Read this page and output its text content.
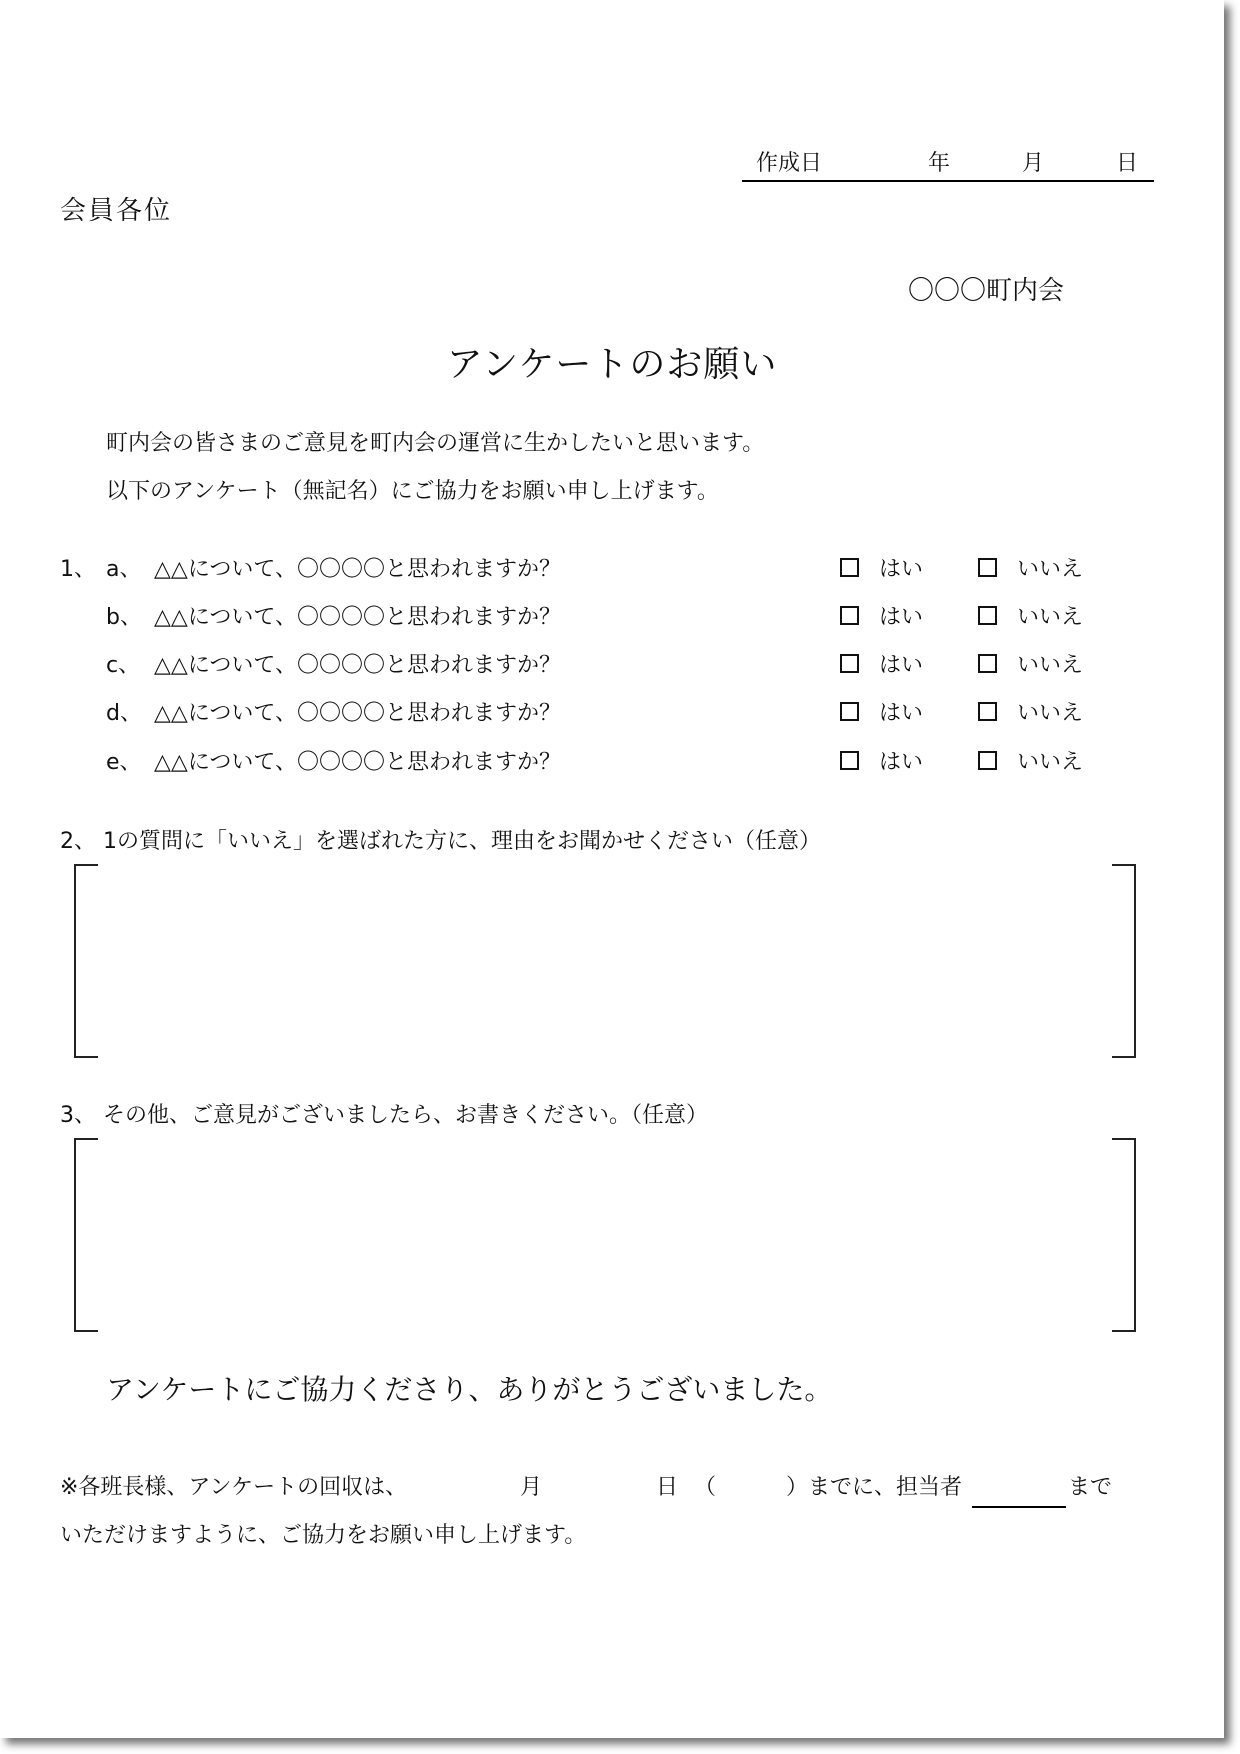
作成日	年	月	日
会員各位
〇〇〇町内会
アンケートのお願い
町内会の皆さまのご意見を町内会の運営に生かしたいと思います。
以下のアンケート（無記名）にご協力をお願い申し上げます。
1、 a、 △△について、〇〇〇〇と思われますか？	はい	いいえ
b、 △△について、〇〇〇〇と思われますか？	はい	いいえ
c、 △△について、〇〇〇〇と思われますか？	はい	いいえ
d、 △△について、〇〇〇〇と思われますか？	はい	いいえ
e、 △△について、〇〇〇〇と思われますか？	はい	いいえ
2、 1の質問に「いいえ」を選ばれた方に、理由をお聞かせください（任意）
3、 その他、ご意見がございましたら、お書きください。（任意）
アンケートにご協力くださり、ありがとうございました。
※各班長様、アンケートの回収は、	月	日 （	）までに、担当者	まで
いただけますように、ご協力をお願い申し上げます。
